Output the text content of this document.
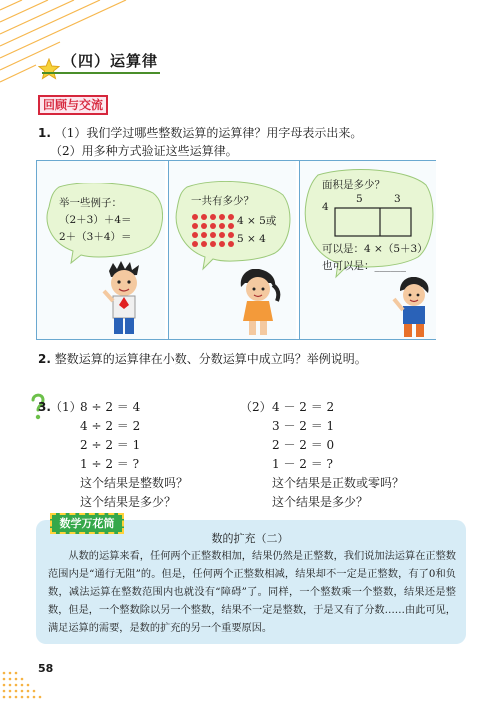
（四）运算律
回顾与交流
1. （1）我们学过哪些整数运算的运算律？用字母表示出来。
（2）用多种方式验证这些运算律。
举一些例子：
（2＋3）＋4＝
2＋（3＋4）＝
一共有多少？
4 × 5或
5 × 4
面积是多少？
4
5	3
可以是：4 ×（5＋3）
也可以是：______
2. 整数运算的运算律在小数、分数运算中成立吗？举例说明。
3. （1）
8 ÷ 2 ＝ 4
4 ÷ 2 ＝ 2
2 ÷ 2 ＝ 1
1 ÷ 2 ＝ ?
这个结果是整数吗？
这个结果是多少？
（2） 4 － 2 ＝ 2
3 － 2 ＝ 1
2 － 2 ＝ 0
1 － 2 ＝ ?
这个结果是正数或零吗？
这个结果是多少？
数学万花筒
数的扩充（二）
从数的运算来看，任何两个正整数相加，结果仍然是正整数，我们说加法运算在正整数范围内是“通行无阻”的。但是，任何两个正整数相减，结果却不一定是正整数，有了0和负数，减法运算在整数范围内也就没有“障碍”了。同样，一个整数乘一个整数，结果还是整数，但是，一个整数除以另一个整数，结果不一定是整数，于是又有了分数……由此可见，满足运算的需要，是数的扩充的另一个重要原因。
58
